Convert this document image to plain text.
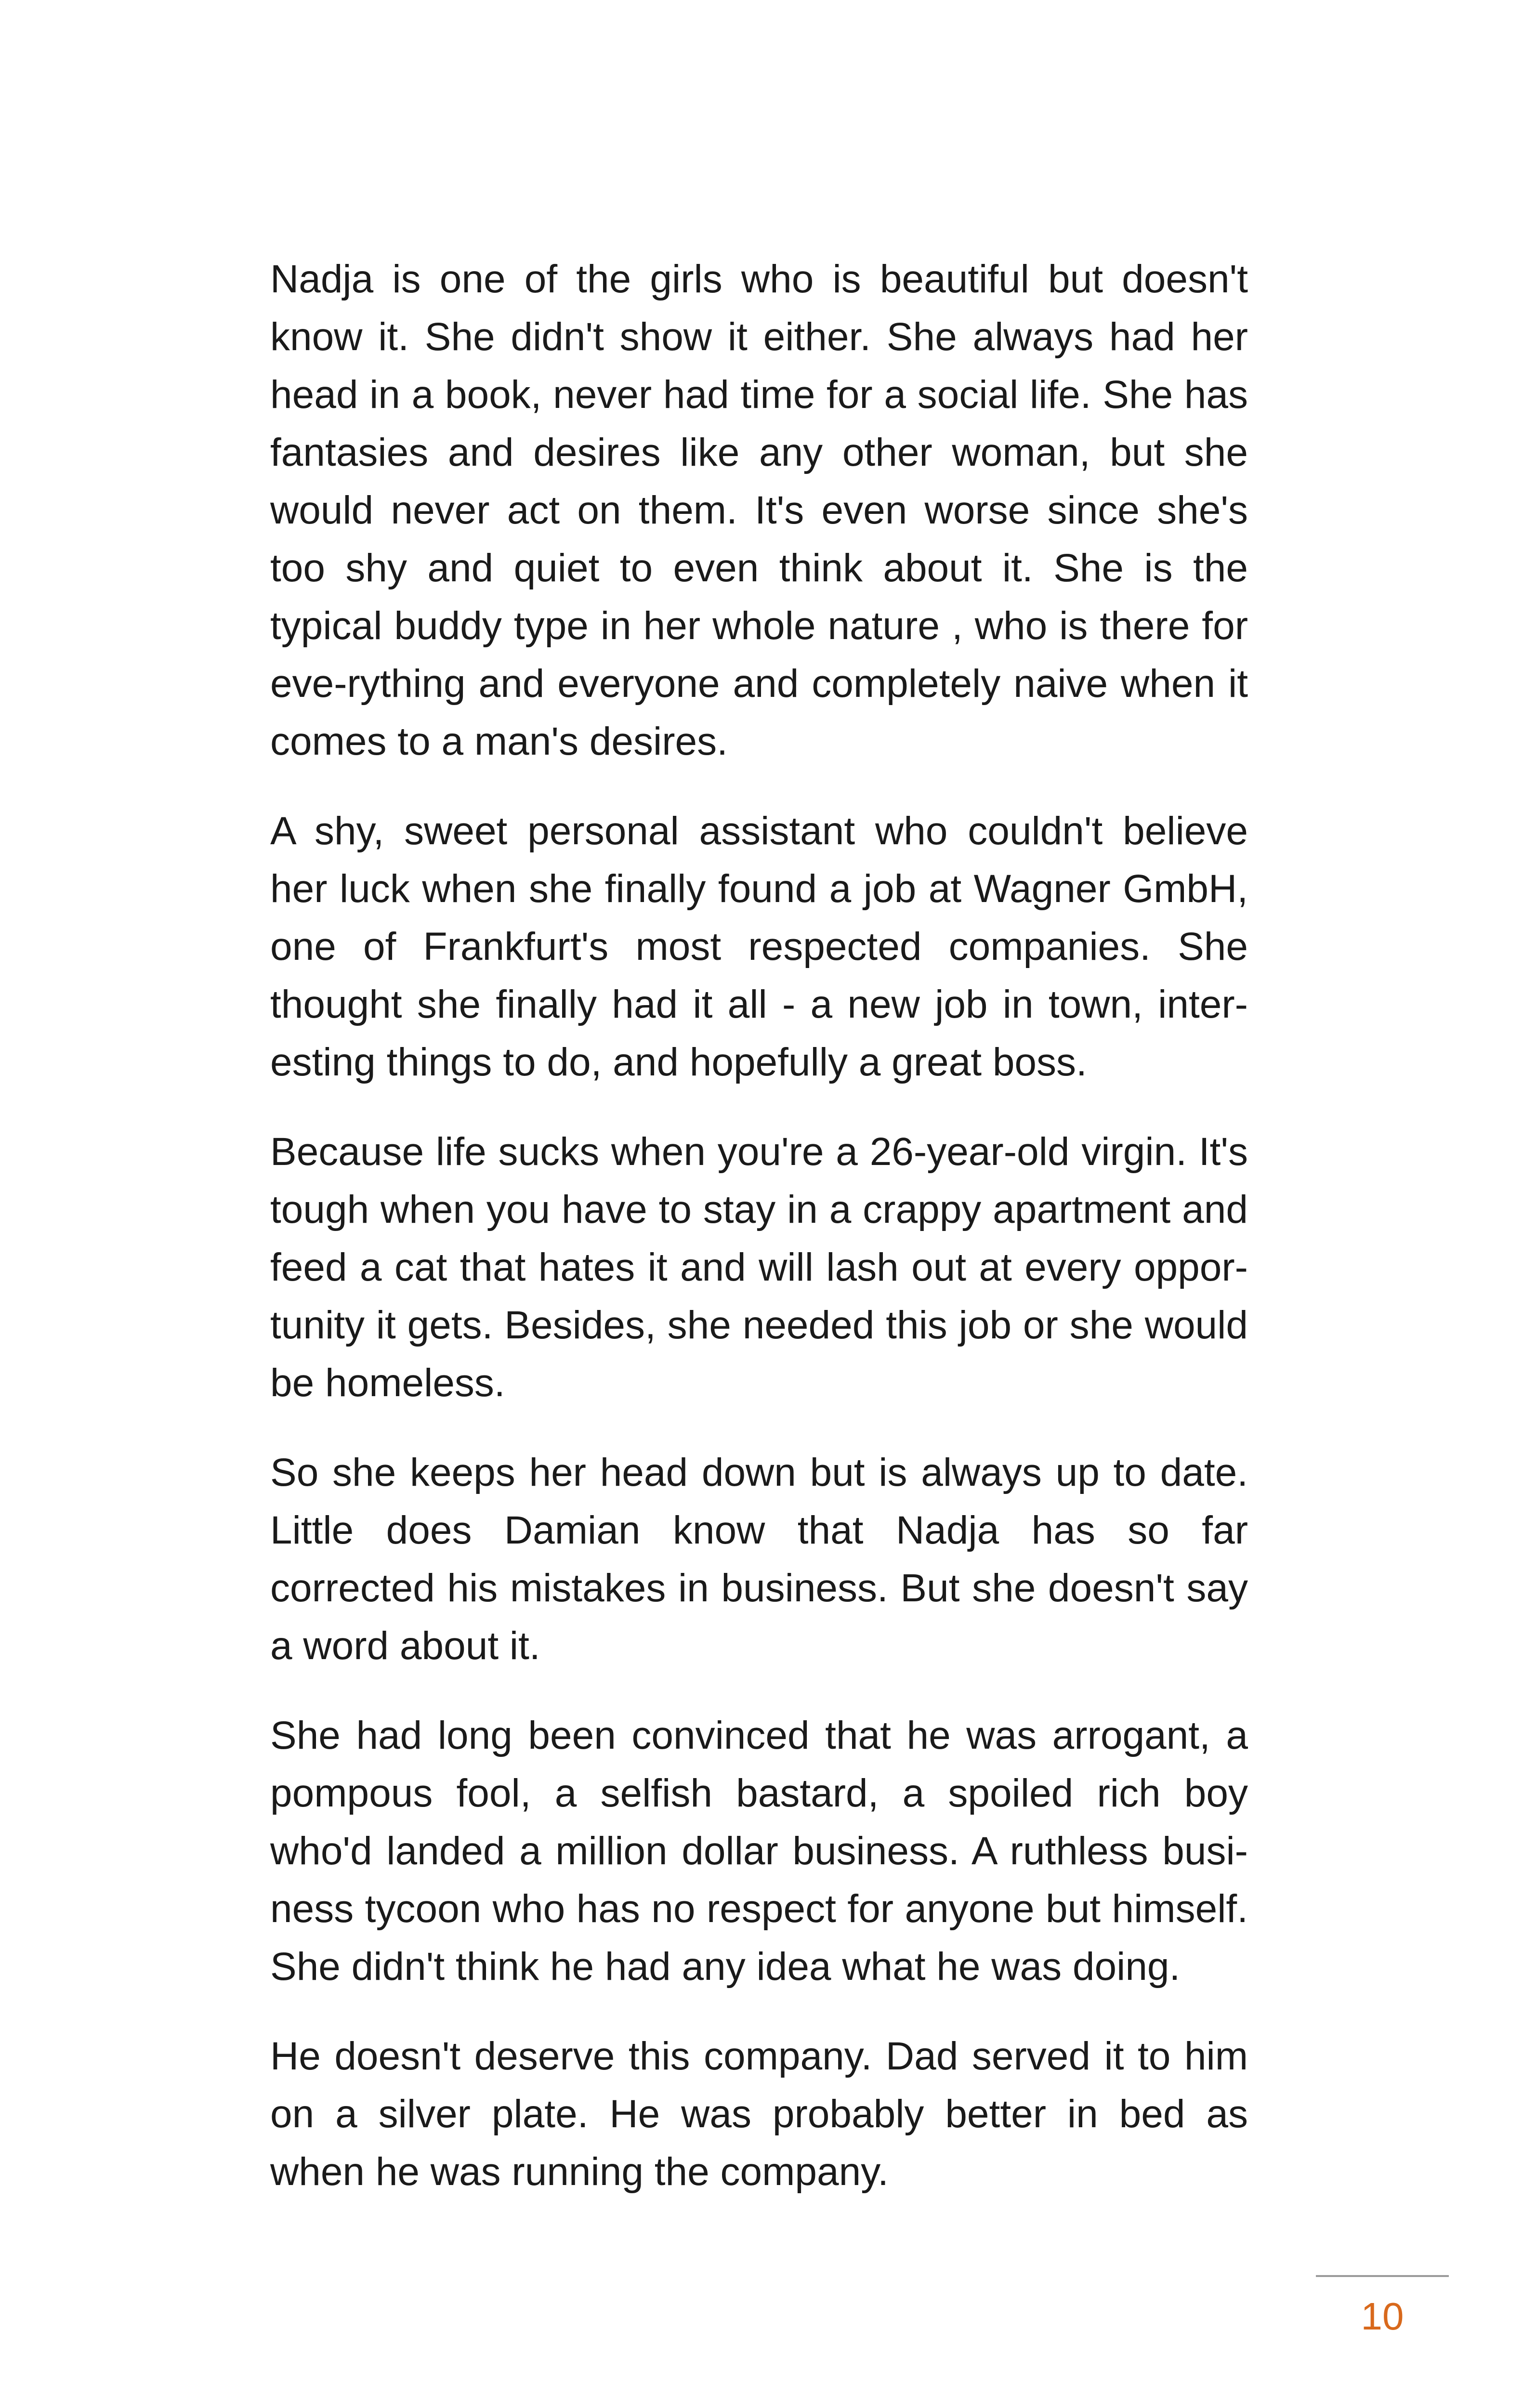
Nadja is one of the girls who is beautiful but doesn't know it. She didn't show it either. She always had her head in a book, never had time for a social life. She has fantasies and desires like any other woman, but she would never act on them. It's even worse since she's too shy and quiet to even think about it. She is the typical buddy type in her whole nature , who is there for eve-rything and everyone and completely naive when it comes to a man's desires.

A shy, sweet personal assistant who couldn't believe her luck when she finally found a job at Wagner GmbH, one of Frankfurt's most respected companies. She thought she finally had it all - a new job in town, inter-esting things to do, and hopefully a great boss.

Because life sucks when you're a 26-year-old virgin. It's tough when you have to stay in a crappy apartment and feed a cat that hates it and will lash out at every oppor-tunity it gets. Besides, she needed this job or she would be homeless.

So she keeps her head down but is always up to date. Little does Damian know that Nadja has so far corrected his mistakes in business. But she doesn't say a word about it.

She had long been convinced that he was arrogant, a pompous fool, a selfish bastard, a spoiled rich boy who'd landed a million dollar business. A ruthless busi-ness tycoon who has no respect for anyone but himself. She didn't think he had any idea what he was doing.

He doesn't deserve this company. Dad served it to him on a silver plate. He was probably better in bed as when he was running the company.

10
